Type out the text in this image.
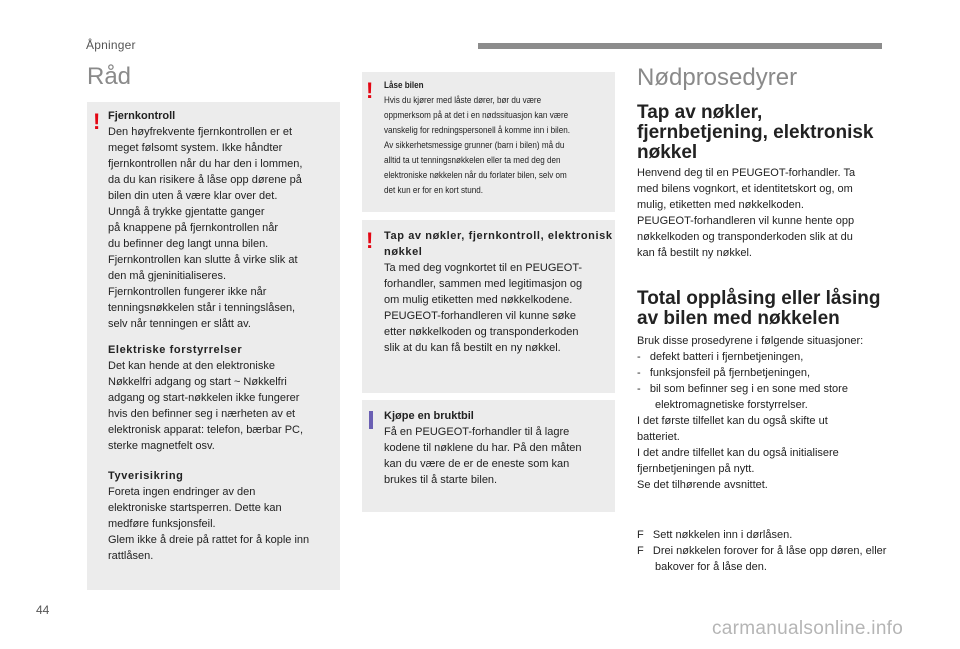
Åpninger
Råd
! Fjernkontroll
Den høyfrekvente fjernkontrollen er et
meget følsomt system. Ikke håndter
fjernkontrollen når du har den i lommen,
da du kan risikere å låse opp dørene på
bilen din uten å være klar over det.
Unngå å trykke gjentatte ganger
på knappene på fjernkontrollen når
du befinner deg langt unna bilen.
Fjernkontrollen kan slutte å virke slik at
den må gjeninitialiseres.
Fjernkontrollen fungerer ikke når
tenningsnøkkelen står i tenningslåsen,
selv når tenningen er slått av.
Elektriske forstyrrelser
Det kan hende at den elektroniske
Nøkkelfri adgang og start ~ Nøkkelfri
adgang og start-nøkkelen ikke fungerer
hvis den befinner seg i nærheten av et
elektronisk apparat: telefon, bærbar PC,
sterke magnetfelt osv.
Tyverisikring
Foreta ingen endringer av den
elektroniske startsperren. Dette kan
medføre funksjonsfeil.
Glem ikke å dreie på rattet for å kople inn
rattlåsen.
! Låse bilen
Hvis du kjører med låste dører, bør du være
oppmerksom på at det i en nødssituasjon kan være
vanskelig for redningspersonell å komme inn i bilen.
Av sikkerhetsmessige grunner (barn i bilen) må du
alltid ta ut tenningsnøkkelen eller ta med deg den
elektroniske nøkkelen når du forlater bilen, selv om
det kun er for en kort stund.
! Tap av nøkler, fjernkontroll, elektronisk
nøkkel
Ta med deg vognkortet til en PEUGEOT-
forhandler, sammen med legitimasjon og
om mulig etiketten med nøkkelkodene.
PEUGEOT-forhandleren vil kunne søke
etter nøkkelkoden og transponderkoden
slik at du kan få bestilt en ny nøkkel.
Kjøpe en bruktbil
Få en PEUGEOT-forhandler til å lagre
kodene til nøklene du har. På den måten
kan du være de er de eneste som kan
brukes til å starte bilen.
Nødprosedyrer
Tap av nøkler,
fjernbetjening, elektronisk
nøkkel
Henvend deg til en PEUGEOT-forhandler. Ta
med bilens vognkort, et identitetskort og, om
mulig, etiketten med nøkkelkoden.
PEUGEOT-forhandleren vil kunne hente opp
nøkkelkoden og transponderkoden slik at du
kan få bestilt ny nøkkel.
Total opplåsing eller låsing
av bilen med nøkkelen
Bruk disse prosedyrene i følgende situasjoner:
-   defekt batteri i fjernbetjeningen,
-   funksjonsfeil på fjernbetjeningen,
-   bil som befinner seg i en sone med store elektromagnetiske forstyrrelser.
I det første tilfellet kan du også skifte ut
batteriet.
I det andre tilfellet kan du også initialisere
fjernbetjeningen på nytt.
Se det tilhørende avsnittet.
F   Sett nøkkelen inn i dørlåsen.
F   Drei nøkkelen forover for å låse opp døren, eller bakover for å låse den.
44
carmanualsonline.info
